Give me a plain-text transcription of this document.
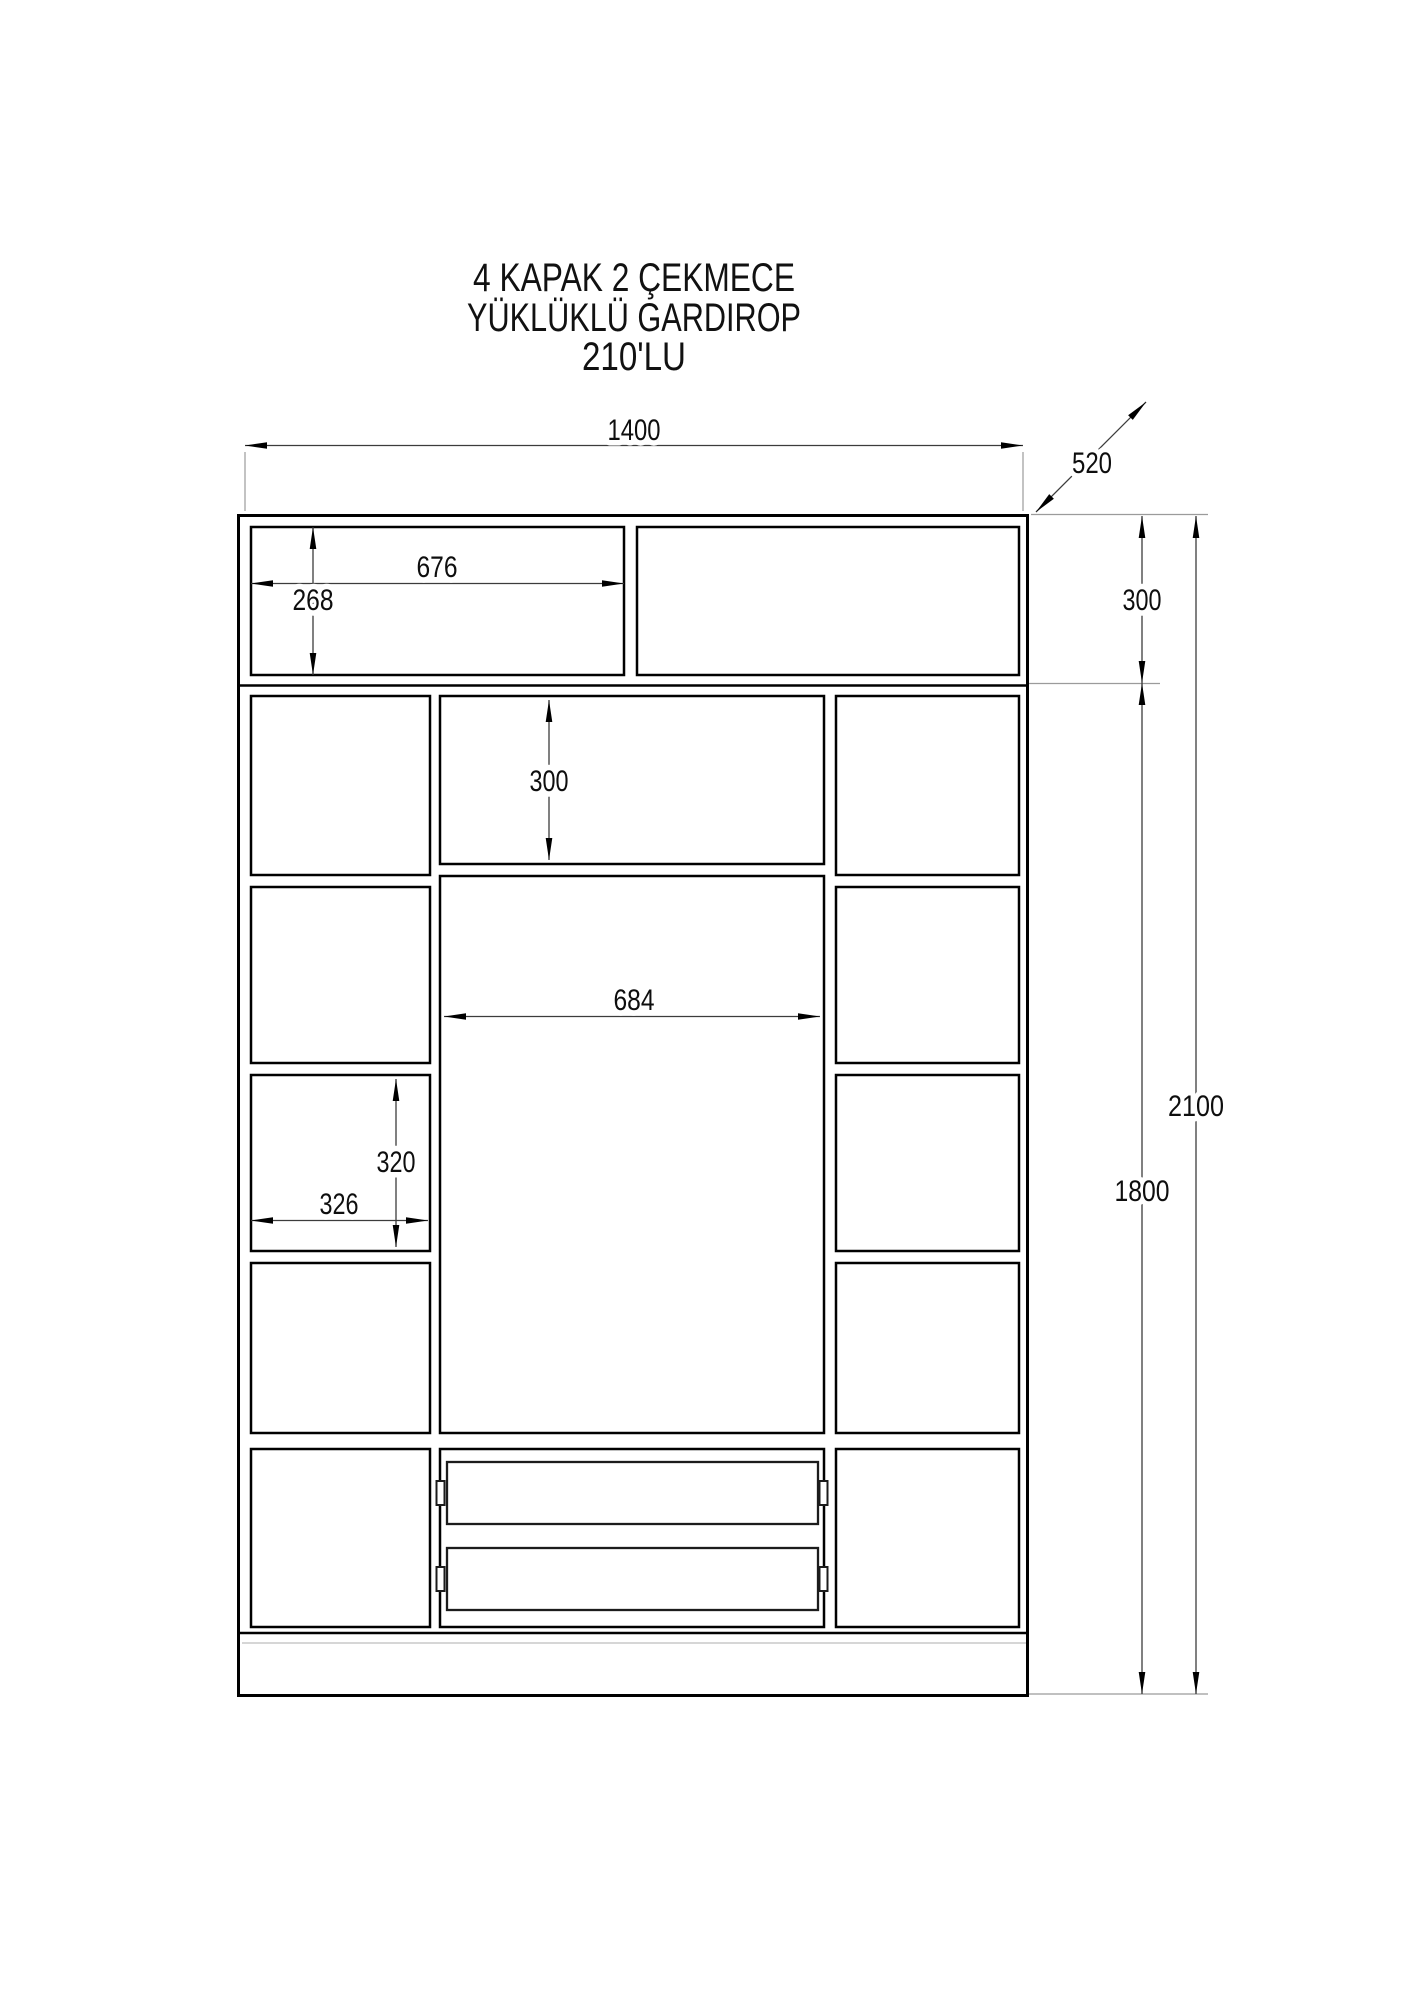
4 KAPAK 2 ÇEKMECE
YÜKLÜKLÜ GARDIROP
210'LU
1400
520
300
1800
2100
676
268
300
684
320
326
